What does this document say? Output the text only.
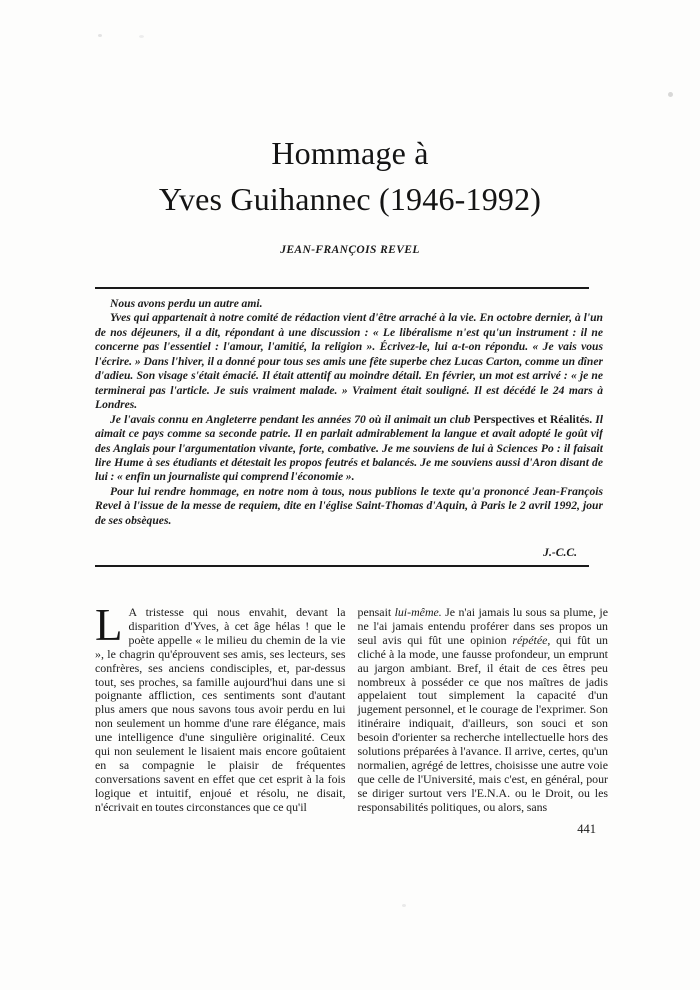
Hommage à
Yves Guihannec (1946-1992)
JEAN-FRANÇOIS REVEL

Nous avons perdu un autre ami.

Yves qui appartenait à notre comité de rédaction vient d'être arraché à la vie. En octobre dernier, à l'un de nos déjeuners, il a dit, répondant à une discussion : « Le libéralisme n'est qu'un instrument : il ne concerne pas l'essentiel : l'amour, l'amitié, la religion ». Écrivez-le, lui a-t-on répondu. « Je vais vous l'écrire. » Dans l'hiver, il a donné pour tous ses amis une fête superbe chez Lucas Carton, comme un dîner d'adieu. Son visage s'était émacié. Il était attentif au moindre détail. En février, un mot est arrivé : « je ne terminerai pas l'article. Je suis vraiment malade. » Vraiment était souligné. Il est décédé le 24 mars à Londres.

Je l'avais connu en Angleterre pendant les années 70 où il animait un club Perspectives et Réalités. Il aimait ce pays comme sa seconde patrie. Il en parlait admirablement la langue et avait adopté le goût vif des Anglais pour l'argumentation vivante, forte, combative. Je me souviens de lui à Sciences Po : il faisait lire Hume à ses étudiants et détestait les propos feutrés et balancés. Je me souviens aussi d'Aron disant de lui : « enfin un journaliste qui comprend l'économie ».

Pour lui rendre hommage, en notre nom à tous, nous publions le texte qu'a prononcé Jean-François Revel à l'issue de la messe de requiem, dite en l'église Saint-Thomas d'Aquin, à Paris le 2 avril 1992, jour de ses obsèques.

J.-C.C.
L A tristesse qui nous envahit, devant la disparition d'Yves, à cet âge hélas ! que le poète appelle « le milieu du chemin de la vie », le chagrin qu'éprouvent ses amis, ses lecteurs, ses confrères, ses anciens condisciples, et, par-dessus tout, ses proches, sa famille aujourd'hui dans une si poignante affliction, ces sentiments sont d'autant plus amers que nous savons tous avoir perdu en lui non seulement un homme d'une rare élégance, mais une intelligence d'une singulière originalité. Ceux qui non seulement le lisaient mais encore goûtaient en sa compagnie le plaisir de fréquentes conversations savent en effet que cet esprit à la fois logique et intuitif, enjoué et résolu, ne disait, n'écrivait en toutes circonstances que ce qu'il
pensait lui-même. Je n'ai jamais lu sous sa plume, je ne l'ai jamais entendu proférer dans ses propos un seul avis qui fût une opinion répétée, qui fût un cliché à la mode, une fausse profondeur, un emprunt au jargon ambiant. Bref, il était de ces êtres peu nombreux à posséder ce que nos maîtres de jadis appelaient tout simplement la capacité d'un jugement personnel, et le courage de l'exprimer. Son itinéraire indiquait, d'ailleurs, son souci et son besoin d'orienter sa recherche intellectuelle hors des solutions préparées à l'avance. Il arrive, certes, qu'un normalien, agrégé de lettres, choisisse une autre voie que celle de l'Université, mais c'est, en général, pour se diriger surtout vers l'E.N.A. ou le Droit, ou les responsabilités politiques, ou alors, sans
441
